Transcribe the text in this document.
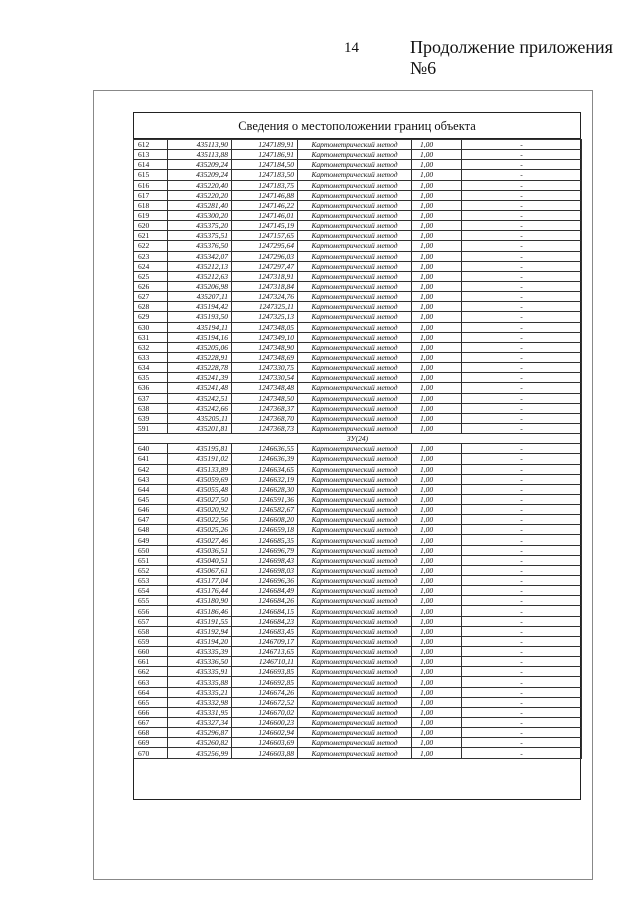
14	Продолжение приложения №6
Сведения о местоположении границ объекта
612	435113,90	1247189,91	Картометрический метод	1,00	-
613	435113,88	1247186,91	Картометрический метод	1,00	-
614	435209,24	1247184,50	Картометрический метод	1,00	-
615	435209,24	1247183,50	Картометрический метод	1,00	-
616	435220,40	1247183,75	Картометрический метод	1,00	-
617	435220,20	1247146,88	Картометрический метод	1,00	-
618	435281,40	1247146,22	Картометрический метод	1,00	-
619	435300,20	1247146,01	Картометрический метод	1,00	-
620	435375,20	1247145,19	Картометрический метод	1,00	-
621	435375,51	1247157,65	Картометрический метод	1,00	-
622	435376,50	1247295,64	Картометрический метод	1,00	-
623	435342,07	1247296,03	Картометрический метод	1,00	-
624	435212,13	1247297,47	Картометрический метод	1,00	-
625	435212,63	1247318,91	Картометрический метод	1,00	-
626	435206,98	1247318,84	Картометрический метод	1,00	-
627	435207,11	1247324,76	Картометрический метод	1,00	-
628	435194,42	1247325,11	Картометрический метод	1,00	-
629	435193,50	1247325,13	Картометрический метод	1,00	-
630	435194,11	1247348,05	Картометрический метод	1,00	-
631	435194,16	1247349,10	Картометрический метод	1,00	-
632	435205,06	1247348,90	Картометрический метод	1,00	-
633	435228,91	1247348,69	Картометрический метод	1,00	-
634	435228,78	1247330,75	Картометрический метод	1,00	-
635	435241,39	1247330,54	Картометрический метод	1,00	-
636	435241,48	1247348,48	Картометрический метод	1,00	-
637	435242,51	1247348,50	Картометрический метод	1,00	-
638	435242,66	1247368,37	Картометрический метод	1,00	-
639	435205,11	1247368,70	Картометрический метод	1,00	-
591	435201,81	1247368,73	Картометрический метод	1,00	-
ЗУ(24)					
640	435195,81	1246636,55	Картометрический метод	1,00	-
641	435191,02	1246636,39	Картометрический метод	1,00	-
642	435133,89	1246634,65	Картометрический метод	1,00	-
643	435059,69	1246632,19	Картометрический метод	1,00	-
644	435055,48	1246628,30	Картометрический метод	1,00	-
645	435027,50	1246591,36	Картометрический метод	1,00	-
646	435020,92	1246582,67	Картометрический метод	1,00	-
647	435022,56	1246608,20	Картометрический метод	1,00	-
648	435025,26	1246659,18	Картометрический метод	1,00	-
649	435027,46	1246685,35	Картометрический метод	1,00	-
650	435036,51	1246696,79	Картометрический метод	1,00	-
651	435040,51	1246698,43	Картометрический метод	1,00	-
652	435067,61	1246698,03	Картометрический метод	1,00	-
653	435177,04	1246696,36	Картометрический метод	1,00	-
654	435176,44	1246684,49	Картометрический метод	1,00	-
655	435180,90	1246684,26	Картометрический метод	1,00	-
656	435186,46	1246684,15	Картометрический метод	1,00	-
657	435191,55	1246684,23	Картометрический метод	1,00	-
658	435192,94	1246683,45	Картометрический метод	1,00	-
659	435194,20	1246709,17	Картометрический метод	1,00	-
660	435335,39	1246713,65	Картометрический метод	1,00	-
661	435336,50	1246710,11	Картометрический метод	1,00	-
662	435335,91	1246693,85	Картометрический метод	1,00	-
663	435335,88	1246692,85	Картометрический метод	1,00	-
664	435335,21	1246674,26	Картометрический метод	1,00	-
665	435332,98	1246672,52	Картометрический метод	1,00	-
666	435331,95	1246670,02	Картометрический метод	1,00	-
667	435327,34	1246600,23	Картометрический метод	1,00	-
668	435296,87	1246602,94	Картометрический метод	1,00	-
669	435260,82	1246603,69	Картометрический метод	1,00	-
670	435256,99	1246603,88	Картометрический метод	1,00	-
